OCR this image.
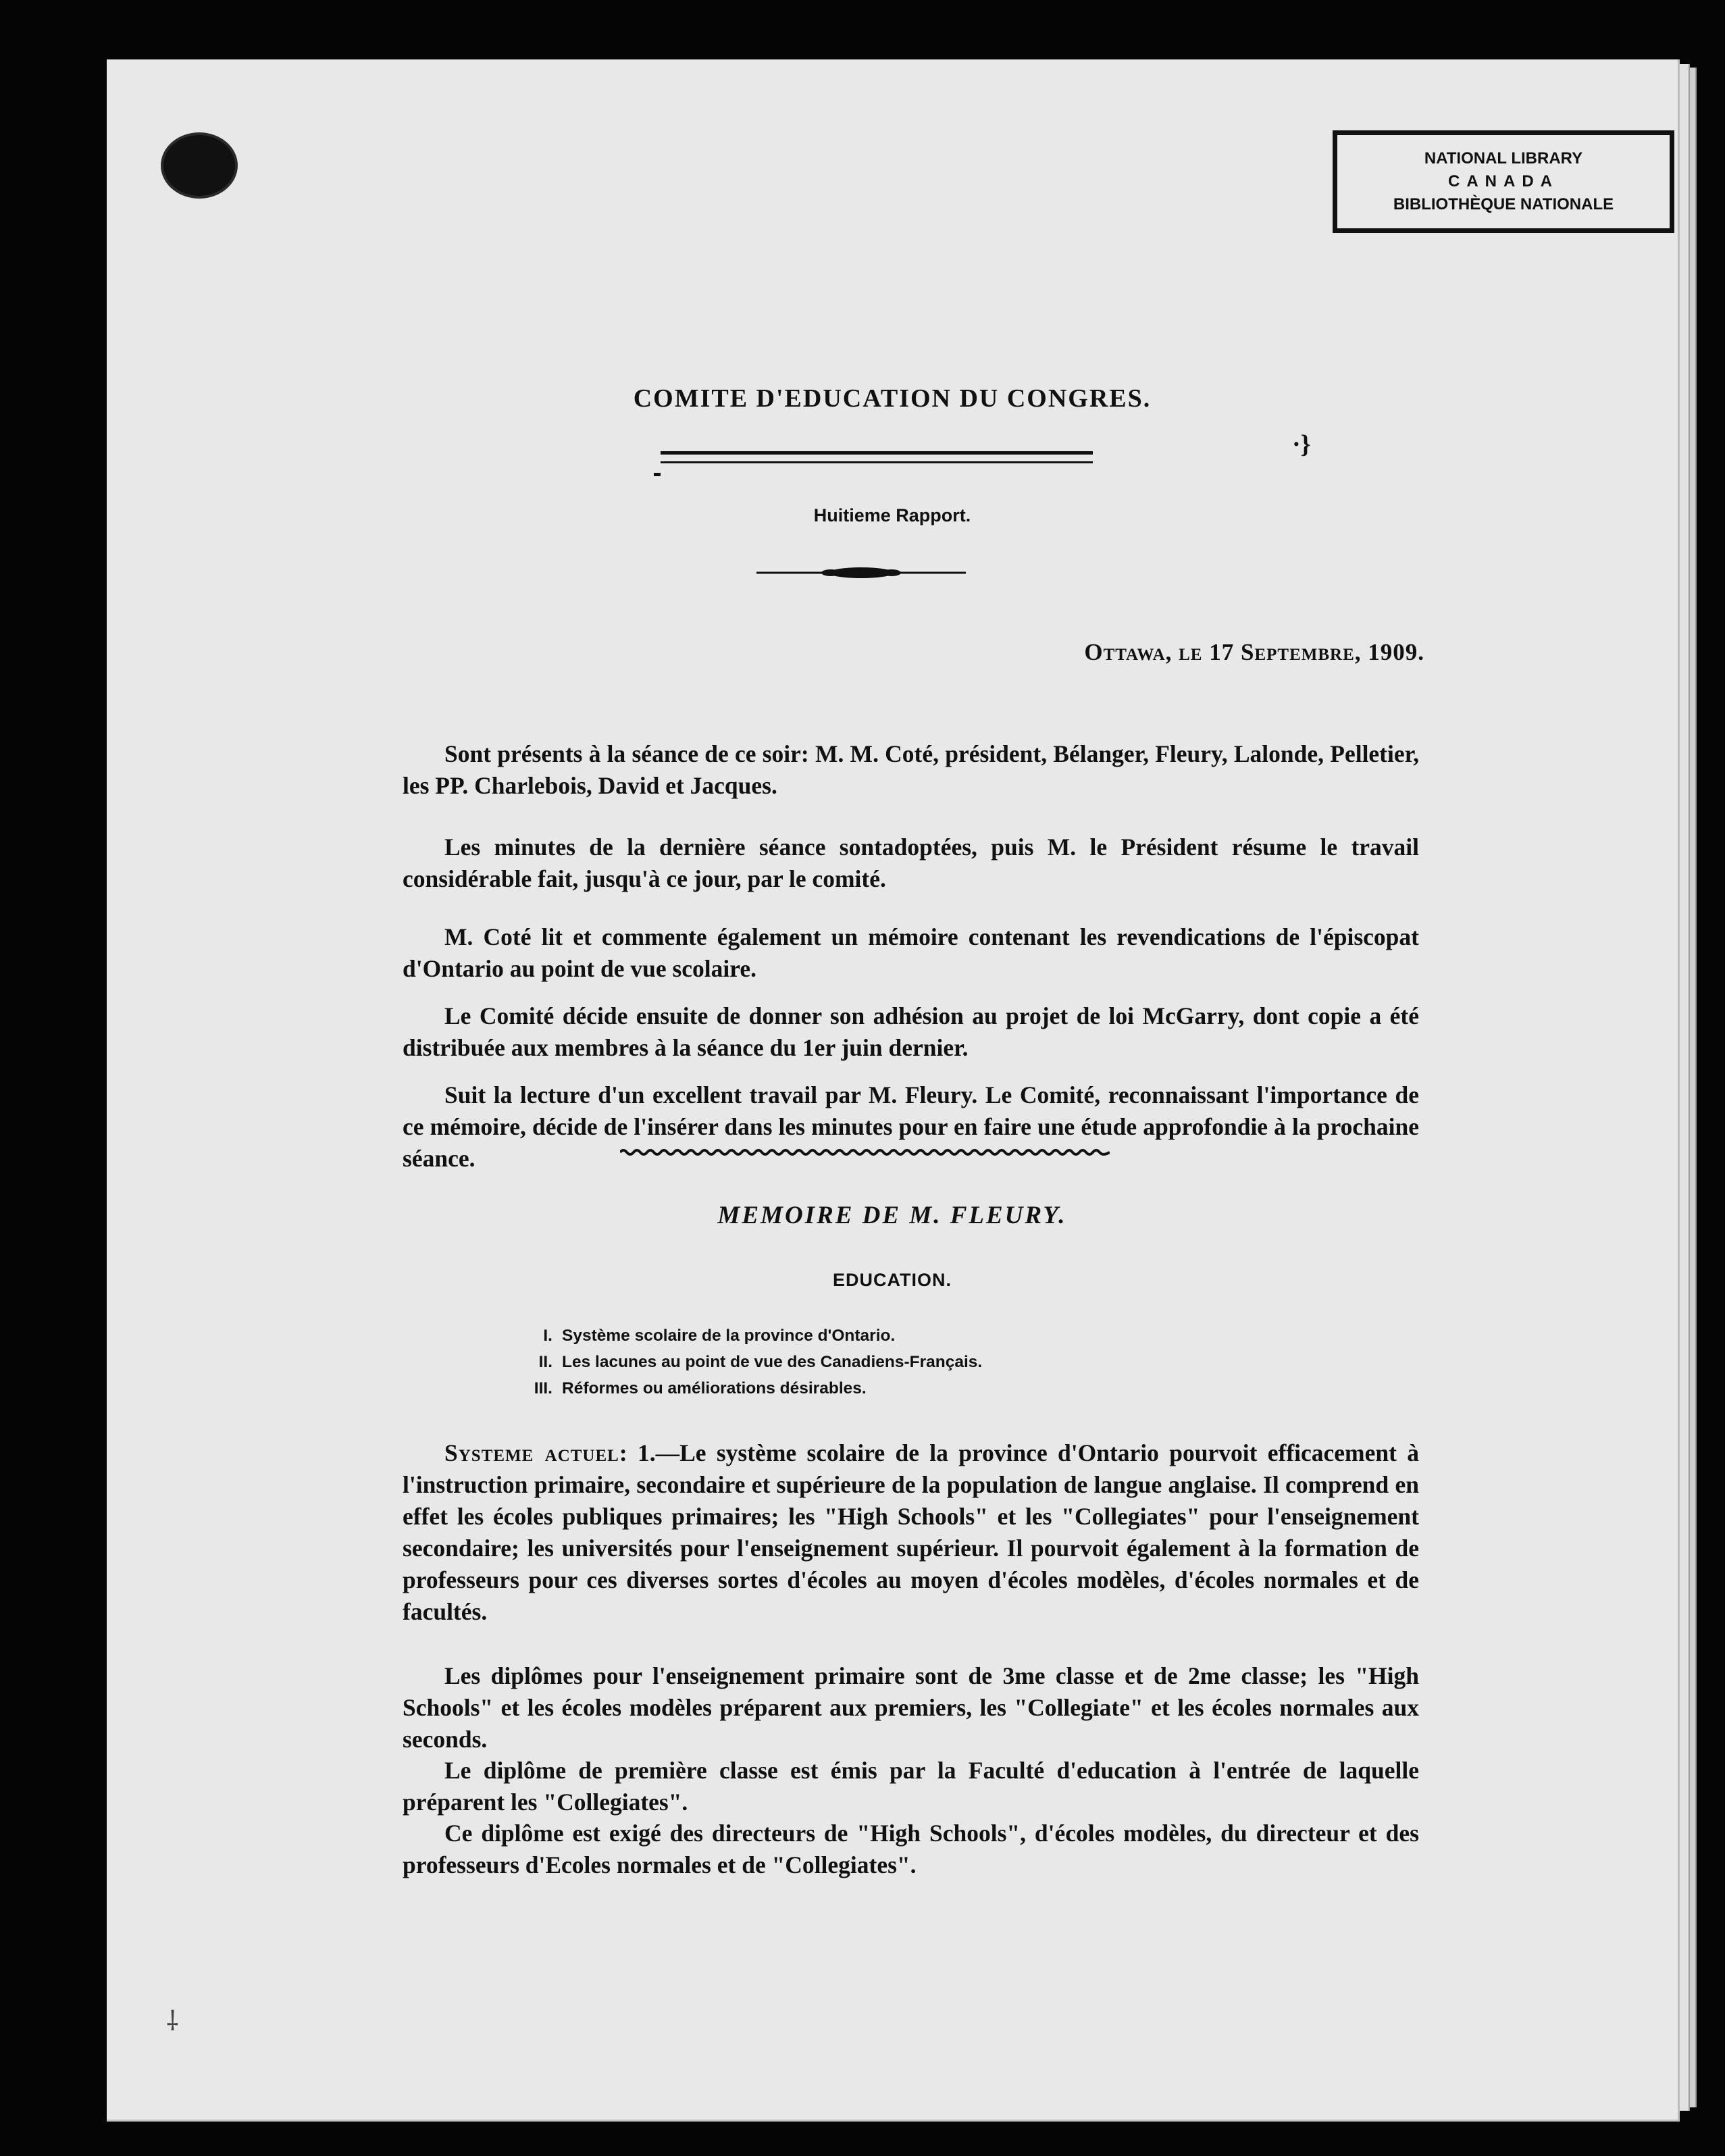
NATIONAL LIBRARY
CANADA
BIBLIOTHÈQUE NATIONALE
COMITE D'EDUCATION DU CONGRES.
·}
Huitieme Rapport.
Ottawa, le 17 Septembre, 1909.

Sont présents à la séance de ce soir: M. M. Coté, président, Bélanger, Fleury, Lalonde, Pelletier, les PP. Charlebois, David et Jacques.

Les minutes de la dernière séance sontadoptées, puis M. le Président résume le travail considérable fait, jusqu'à ce jour, par le comité.

M. Coté lit et commente également un mémoire contenant les revendications de l'épiscopat d'Ontario au point de vue scolaire.

Le Comité décide ensuite de donner son adhésion au projet de loi McGarry, dont copie a été distribuée aux membres à la séance du 1er juin dernier.

Suit la lecture d'un excellent travail par M. Fleury. Le Comité, reconnaissant l'importance de ce mémoire, décide de l'insérer dans les minutes pour en faire une étude approfondie à la prochaine séance.

MEMOIRE DE M. FLEURY.
EDUCATION.
I. Système scolaire de la province d'Ontario.
II. Les lacunes au point de vue des Canadiens-Français.
III. Réformes ou améliorations désirables.

Systeme actuel: 1.—Le système scolaire de la province d'Ontario pourvoit efficacement à l'instruction primaire, secondaire et supérieure de la population de langue anglaise. Il comprend en effet les écoles publiques primaires; les "High Schools" et les "Collegiates" pour l'enseignement secondaire; les universités pour l'enseignement supérieur. Il pourvoit également à la formation de professeurs pour ces diverses sortes d'écoles au moyen d'écoles modèles, d'écoles normales et de facultés.

Les diplômes pour l'enseignement primaire sont de 3me classe et de 2me classe; les "High Schools" et les écoles modèles préparent aux premiers, les "Collegiate" et les écoles normales aux seconds.

Le diplôme de première classe est émis par la Faculté d'education à l'entrée de laquelle préparent les "Collegiates".

Ce diplôme est exigé des directeurs de "High Schools", d'écoles modèles, du directeur et des professeurs d'Ecoles normales et de "Collegiates".

⸸
